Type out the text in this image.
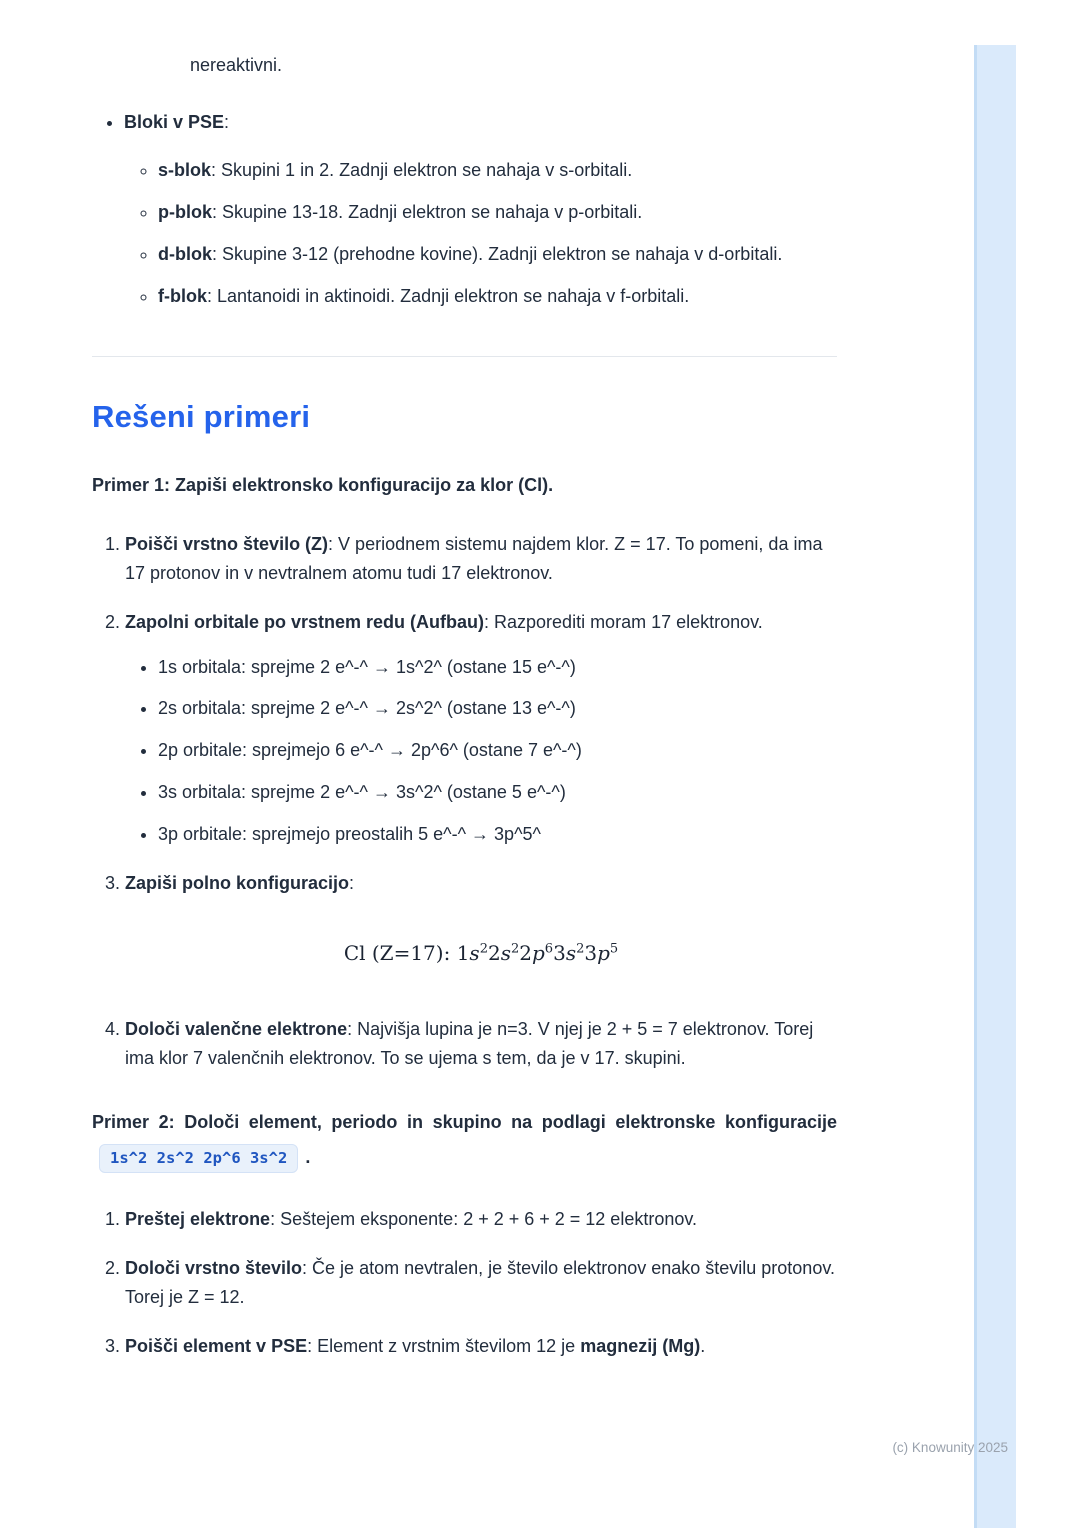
nereaktivni.

• Bloki v PSE:
◦ s-blok: Skupini 1 in 2. Zadnji elektron se nahaja v s-orbitali.
◦ p-blok: Skupine 13-18. Zadnji elektron se nahaja v p-orbitali.
◦ d-blok: Skupine 3-12 (prehodne kovine). Zadnji elektron se nahaja v d-orbitali.
◦ f-blok: Lantanoidi in aktinoidi. Zadnji elektron se nahaja v f-orbitali.
Rešeni primeri

Primer 1: Zapiši elektronsko konfiguracijo za klor (Cl).

1. Poišči vrstno število (Z): V periodnem sistemu najdem klor. Z = 17. To pomeni, da ima 17 protonov in v nevtralnem atomu tudi 17 elektronov.
2. Zapolni orbitale po vrstnem redu (Aufbau): Razporediti moram 17 elektronov.
• 1s orbitala: sprejme 2 e^-^ → 1s^2^ (ostane 15 e^-^)
• 2s orbitala: sprejme 2 e^-^ → 2s^2^ (ostane 13 e^-^)
• 2p orbitale: sprejmejo 6 e^-^ → 2p^6^ (ostane 7 e^-^)
• 3s orbitala: sprejme 2 e^-^ → 3s^2^ (ostane 5 e^-^)
• 3p orbitale: sprejmejo preostalih 5 e^-^ → 3p^5^
3. Zapiši polno konfiguracijo:
Cl (Z=17): $1s^22s^22p^63s^23p^5$
4. Določi valenčne elektrone: Najvišja lupina je n=3. V njej je 2 + 5 = 7 elektronov. Torej ima klor 7 valenčnih elektronov. To se ujema s tem, da je v 17. skupini.

Primer 2: Določi element, periodo in skupino na podlagi elektronske konfiguracije 1s^2 2s^2 2p^6 3s^2 .

1. Preštej elektrone: Seštejem eksponente: 2 + 2 + 6 + 2 = 12 elektronov.
2. Določi vrstno število: Če je atom nevtralen, je število elektronov enako številu protonov. Torej je Z = 12.
3. Poišči element v PSE: Element z vrstnim številom 12 je magnezij (Mg).
(c) Knowunity 2025
